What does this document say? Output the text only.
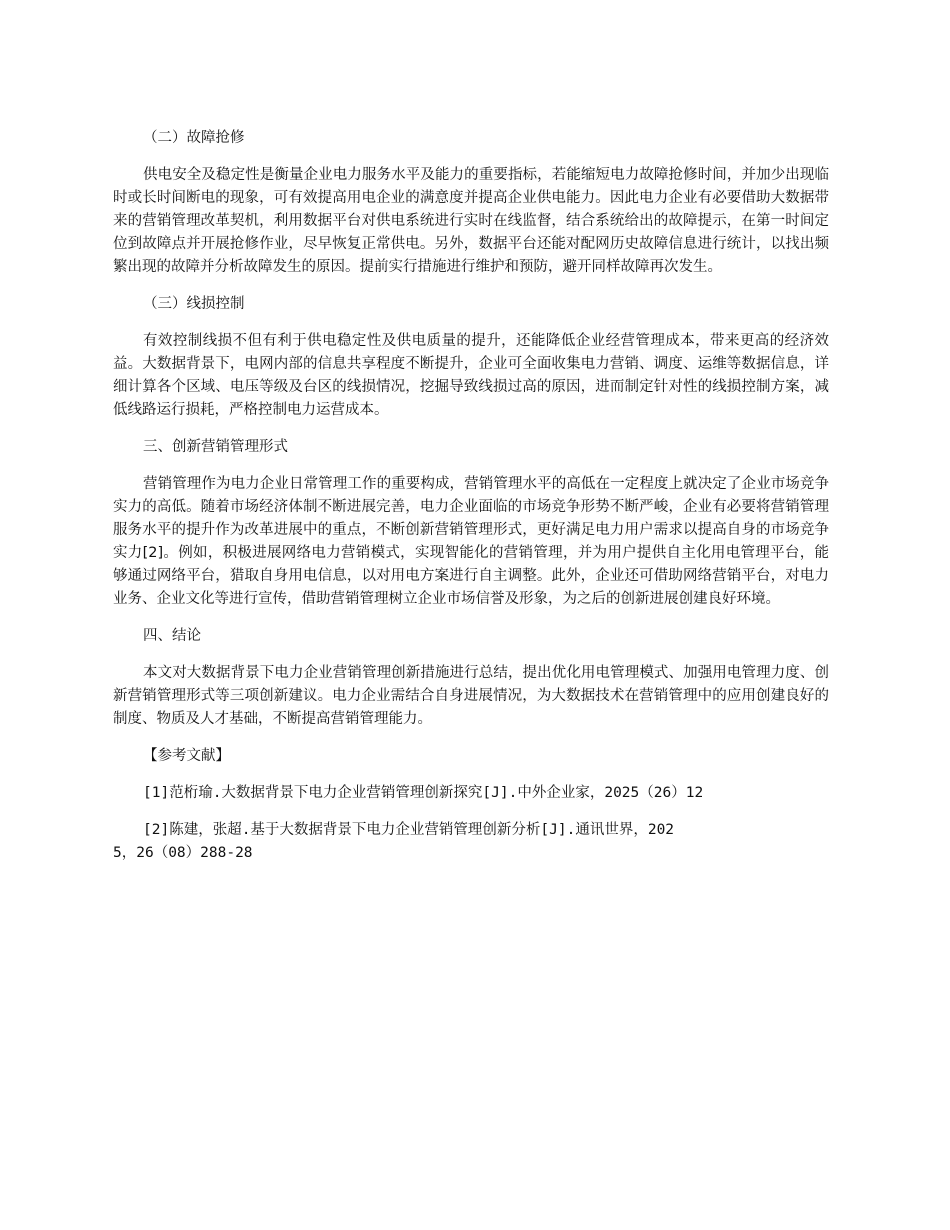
（二）故障抢修
供电安全及稳定性是衡量企业电力服务水平及能力的重要指标，若能缩短电力故障抢修时间，并加少出现临时或长时间断电的现象，可有效提高用电企业的满意度并提高企业供电能力。因此电力企业有必要借助大数据带来的营销管理改革契机，利用数据平台对供电系统进行实时在线监督，结合系统给出的故障提示，在第一时间定位到故障点并开展抢修作业，尽早恢复正常供电。另外，数据平台还能对配网历史故障信息进行统计，以找出频繁出现的故障并分析故障发生的原因。提前实行措施进行维护和预防，避开同样故障再次发生。
（三）线损控制
有效控制线损不但有利于供电稳定性及供电质量的提升，还能降低企业经营管理成本，带来更高的经济效益。大数据背景下，电网内部的信息共享程度不断提升，企业可全面收集电力营销、调度、运维等数据信息，详细计算各个区域、电压等级及台区的线损情况，挖掘导致线损过高的原因，进而制定针对性的线损控制方案，减低线路运行损耗，严格控制电力运营成本。
三、创新营销管理形式
营销管理作为电力企业日常管理工作的重要构成，营销管理水平的高低在一定程度上就决定了企业市场竞争实力的高低。随着市场经济体制不断进展完善，电力企业面临的市场竞争形势不断严峻，企业有必要将营销管理服务水平的提升作为改革进展中的重点，不断创新营销管理形式，更好满足电力用户需求以提高自身的市场竞争实力[2]。例如，积极进展网络电力营销模式，实现智能化的营销管理，并为用户提供自主化用电管理平台，能够通过网络平台，猎取自身用电信息，以对用电方案进行自主调整。此外，企业还可借助网络营销平台，对电力业务、企业文化等进行宣传，借助营销管理树立企业市场信誉及形象，为之后的创新进展创建良好环境。
四、结论
本文对大数据背景下电力企业营销管理创新措施进行总结，提出优化用电管理模式、加强用电管理力度、创新营销管理形式等三项创新建议。电力企业需结合自身进展情况，为大数据技术在营销管理中的应用创建良好的制度、物质及人才基础，不断提高营销管理能力。
【参考文献】
[1]范桁瑜.大数据背景下电力企业营销管理创新探究[J].中外企业家，2025（26）12
[2]陈建，张超.基于大数据背景下电力企业营销管理创新分析[J].通讯世界，2025，26（08）288-28
